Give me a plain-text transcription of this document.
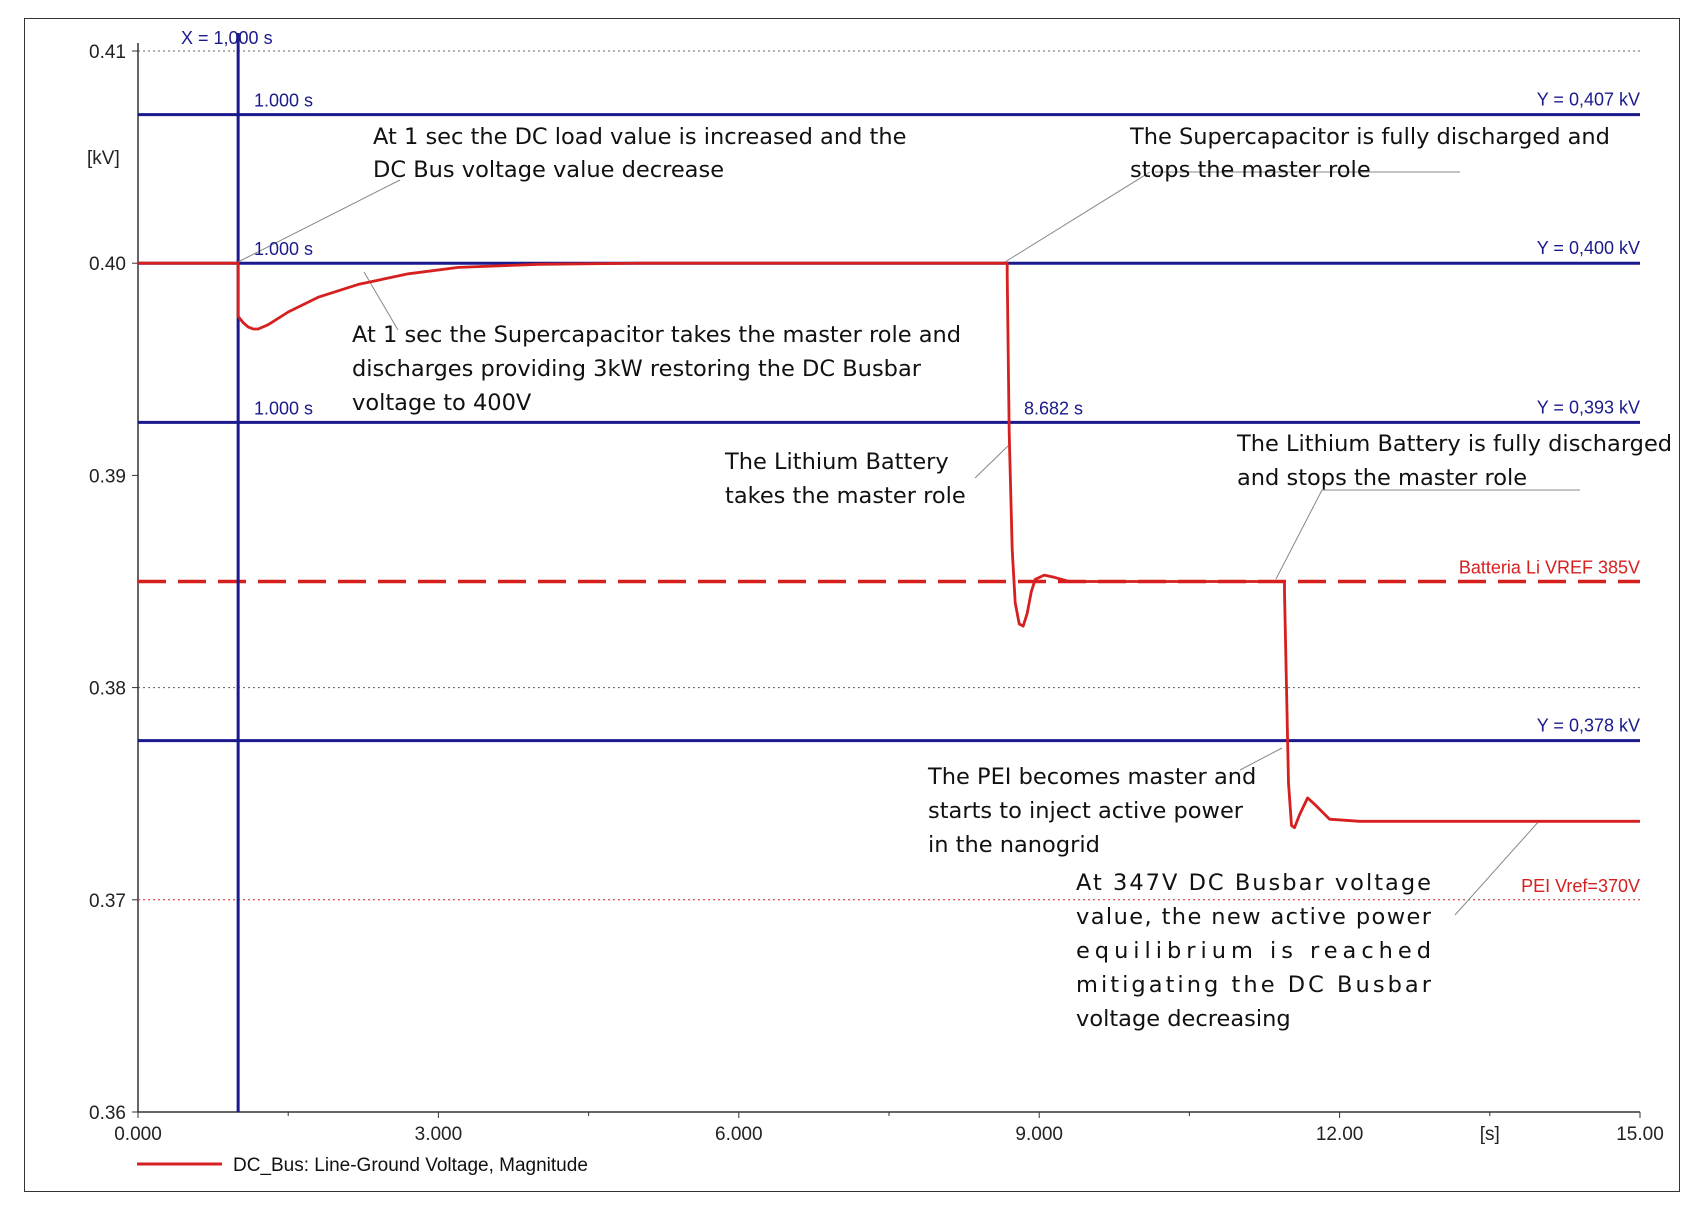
0.36
0.37
0.38
0.39
0.40
0.41
0.000	3.000	6.000	9.000	12.00	15.00
[kV]
[s]
Batteria Li VREF 385V
PEI Vref=370V
X = 1,000 s
Y = 0,407 kV
1.000 s
Y = 0,400 kV
1.000 s
Y = 0,393 kV
1.000 s	8.682 s
Y = 0,378 kV
At 1 sec the DC load value is increased and the
DC Bus voltage value decrease
The Supercapacitor is fully discharged and
stops the master role
At 1 sec the Supercapacitor takes the master role and
discharges providing 3kW restoring the DC Busbar
voltage to 400V
The Lithium Battery
takes the master role
The Lithium Battery is fully discharged
and stops the master role
The PEI becomes master and
starts to inject active power
in the nanogrid
At 347V DC Busbar voltage
value, the new active power
equilibrium is reached
mitigating the DC Busbar
voltage decreasing
DC_Bus: Line-Ground Voltage, Magnitude
